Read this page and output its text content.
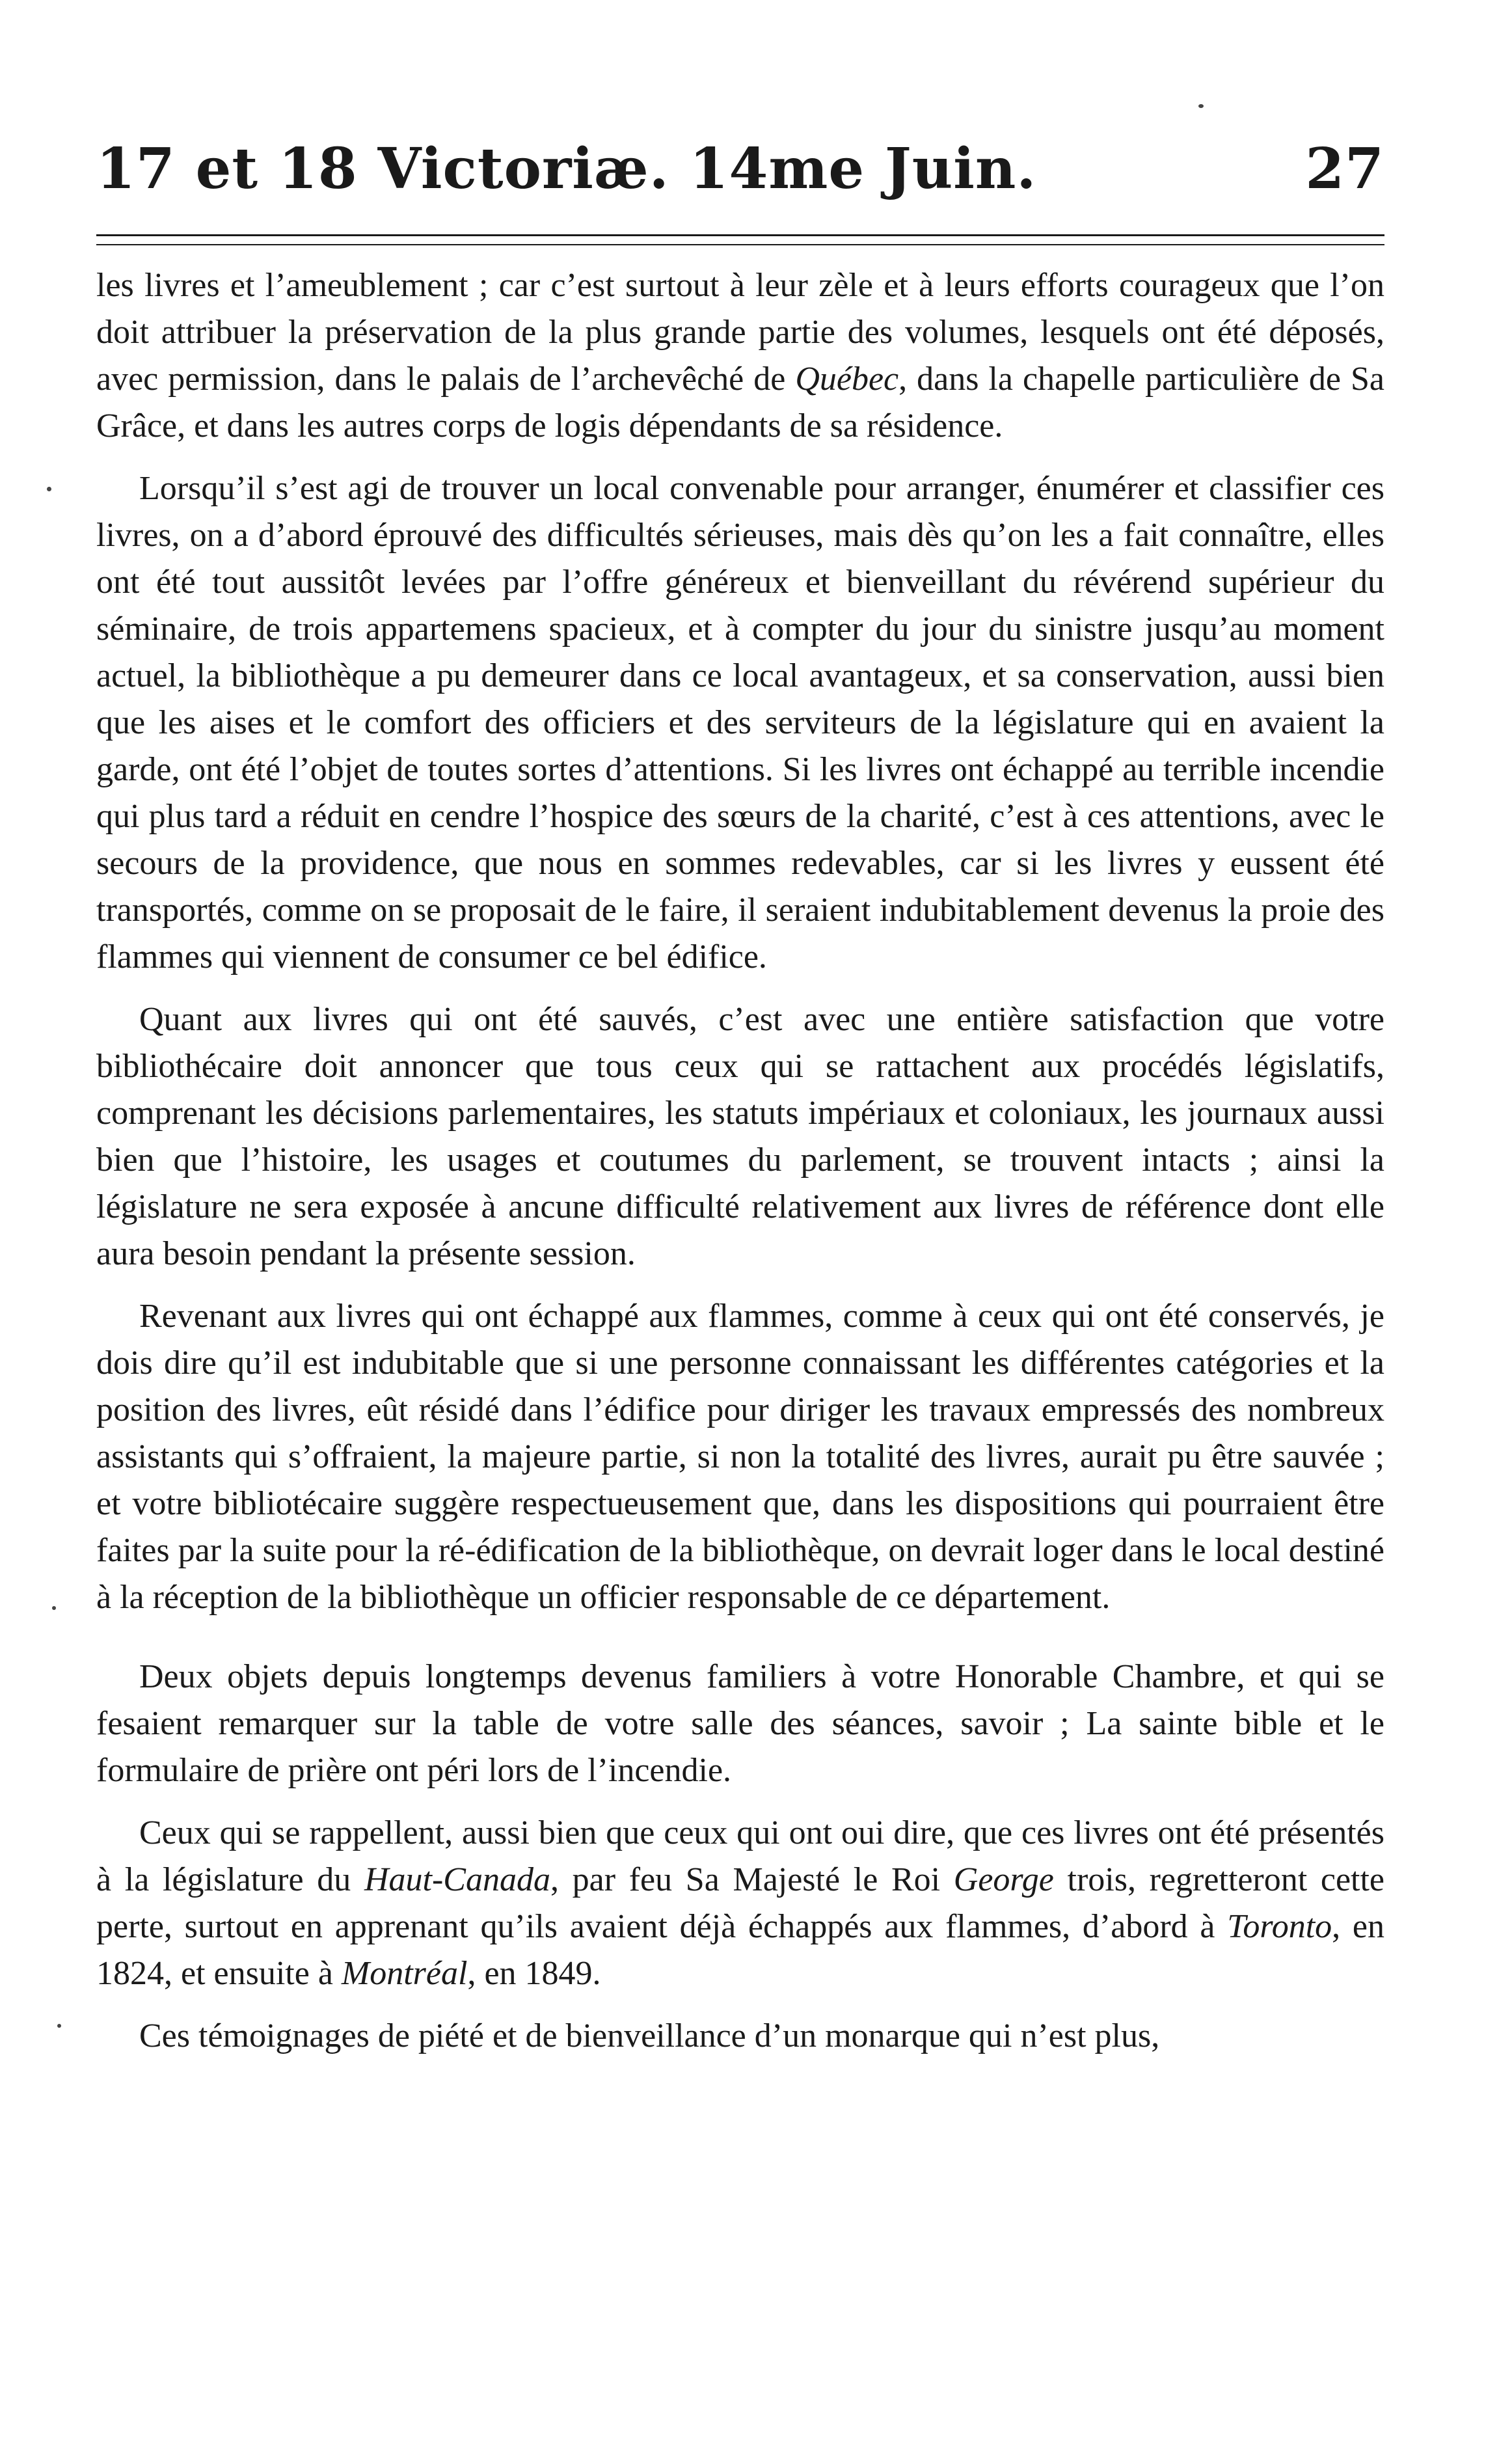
17 et 18 Victoriæ. 14me Juin.	27

les livres et l’ameublement ; car c’est surtout à leur zèle et à leurs efforts courageux que l’on doit attribuer la préservation de la plus grande partie des volumes, lesquels ont été déposés, avec permission, dans le palais de l’archevêché de Québec, dans la chapelle particulière de Sa Grâce, et dans les autres corps de logis dépendants de sa résidence.

Lorsqu’il s’est agi de trouver un local convenable pour arranger, énumérer et classifier ces livres, on a d’abord éprouvé des difficultés sérieuses, mais dès qu’on les a fait connaître, elles ont été tout aussitôt levées par l’offre généreux et bienveillant du révérend supérieur du séminaire, de trois appartemens spacieux, et à compter du jour du sinistre jusqu’au moment actuel, la bibliothèque a pu demeurer dans ce local avantageux, et sa conservation, aussi bien que les aises et le comfort des officiers et des serviteurs de la législature qui en avaient la garde, ont été l’objet de toutes sortes d’attentions. Si les livres ont échappé au terrible incendie qui plus tard a réduit en cendre l’hospice des sœurs de la charité, c’est à ces attentions, avec le secours de la providence, que nous en sommes redevables, car si les livres y eussent été transportés, comme on se proposait de le faire, il seraient indubitablement devenus la proie des flammes qui viennent de consumer ce bel édifice.

Quant aux livres qui ont été sauvés, c’est avec une entière satisfaction que votre bibliothécaire doit annoncer que tous ceux qui se rattachent aux procédés législatifs, comprenant les décisions parlementaires, les statuts impériaux et coloniaux, les journaux aussi bien que l’histoire, les usages et coutumes du parlement, se trouvent intacts ; ainsi la législature ne sera exposée à ancune difficulté relativement aux livres de référence dont elle aura besoin pendant la présente session.

Revenant aux livres qui ont échappé aux flammes, comme à ceux qui ont été conservés, je dois dire qu’il est indubitable que si une personne connaissant les différentes catégories et la position des livres, eût résidé dans l’édifice pour diriger les travaux empressés des nombreux assistants qui s’offraient, la majeure partie, si non la totalité des livres, aurait pu être sauvée ; et votre bibliotécaire suggère respectueusement que, dans les dispositions qui pourraient être faites par la suite pour la ré-édification de la bibliothèque, on devrait loger dans le local destiné à la réception de la bibliothèque un officier responsable de ce département.

Deux objets depuis longtemps devenus familiers à votre Honorable Chambre, et qui se fesaient remarquer sur la table de votre salle des séances, savoir ; La sainte bible et le formulaire de prière ont péri lors de l’incendie.

Ceux qui se rappellent, aussi bien que ceux qui ont oui dire, que ces livres ont été présentés à la législature du Haut-Canada, par feu Sa Majesté le Roi George trois, regretteront cette perte, surtout en apprenant qu’ils avaient déjà échappés aux flammes, d’abord à Toronto, en 1824, et ensuite à Montréal, en 1849.

Ces témoignages de piété et de bienveillance d’un monarque qui n’est plus,
